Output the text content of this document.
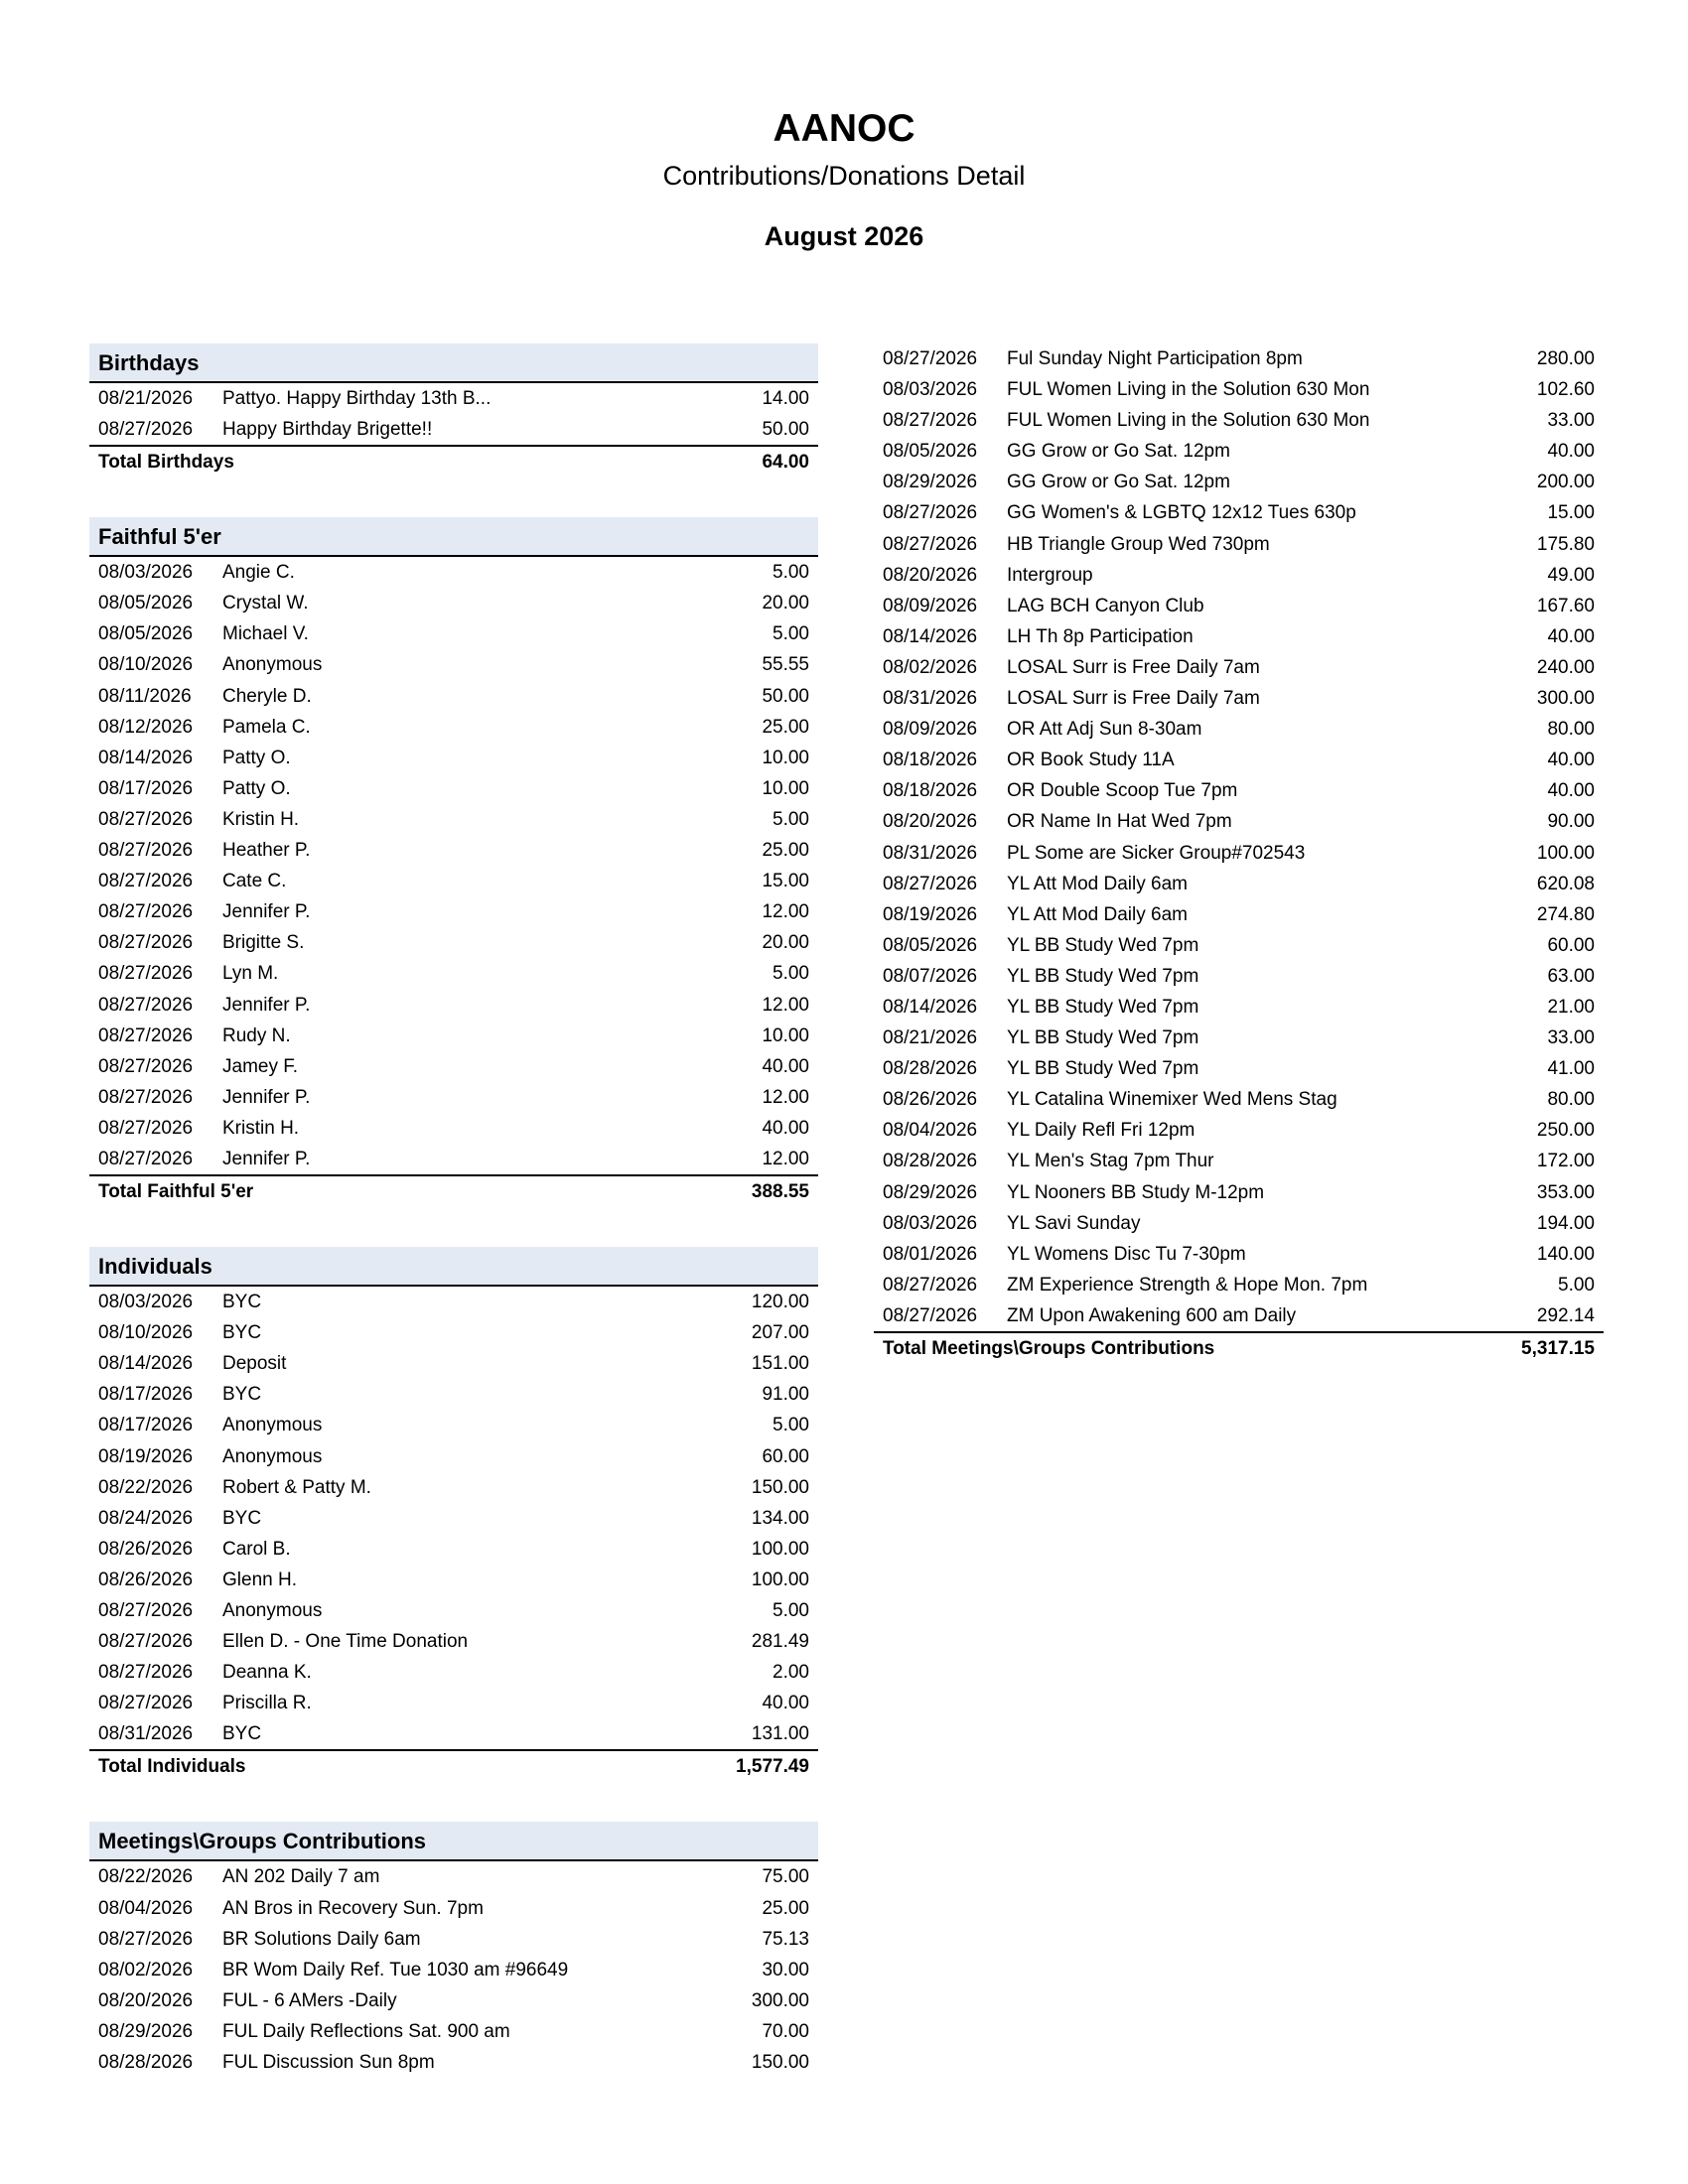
AANOC
Contributions/Donations Detail
August 2026
Birthdays
08/21/2026	Pattyo. Happy Birthday 13th B...	14.00
08/27/2026	Happy Birthday Brigette!!	50.00
Total Birthdays	64.00
Faithful 5'er
08/03/2026	Angie C.	5.00
08/05/2026	Crystal W.	20.00
08/05/2026	Michael V.	5.00
08/10/2026	Anonymous	55.55
08/11/2026	Cheryle D.	50.00
08/12/2026	Pamela C.	25.00
08/14/2026	Patty O.	10.00
08/17/2026	Patty O.	10.00
08/27/2026	Kristin H.	5.00
08/27/2026	Heather P.	25.00
08/27/2026	Cate C.	15.00
08/27/2026	Jennifer P.	12.00
08/27/2026	Brigitte S.	20.00
08/27/2026	Lyn M.	5.00
08/27/2026	Jennifer P.	12.00
08/27/2026	Rudy N.	10.00
08/27/2026	Jamey F.	40.00
08/27/2026	Jennifer P.	12.00
08/27/2026	Kristin H.	40.00
08/27/2026	Jennifer P.	12.00
Total Faithful 5'er	388.55
Individuals
08/03/2026	BYC	120.00
08/10/2026	BYC	207.00
08/14/2026	Deposit	151.00
08/17/2026	BYC	91.00
08/17/2026	Anonymous	5.00
08/19/2026	Anonymous	60.00
08/22/2026	Robert & Patty M.	150.00
08/24/2026	BYC	134.00
08/26/2026	Carol B.	100.00
08/26/2026	Glenn H.	100.00
08/27/2026	Anonymous	5.00
08/27/2026	Ellen D. - One Time Donation	281.49
08/27/2026	Deanna K.	2.00
08/27/2026	Priscilla R.	40.00
08/31/2026	BYC	131.00
Total Individuals	1,577.49
Meetings\Groups Contributions
08/22/2026	AN 202 Daily 7 am	75.00
08/04/2026	AN Bros in Recovery Sun. 7pm	25.00
08/27/2026	BR Solutions Daily 6am	75.13
08/02/2026	BR Wom Daily Ref. Tue 1030 am #96649	30.00
08/20/2026	FUL - 6 AMers -Daily	300.00
08/29/2026	FUL Daily Reflections Sat. 900 am	70.00
08/28/2026	FUL Discussion Sun 8pm	150.00
08/27/2026	Ful Sunday Night Participation 8pm	280.00
08/03/2026	FUL Women Living in the Solution 630 Mon	102.60
08/27/2026	FUL Women Living in the Solution 630 Mon	33.00
08/05/2026	GG Grow or Go Sat. 12pm	40.00
08/29/2026	GG Grow or Go Sat. 12pm	200.00
08/27/2026	GG Women's & LGBTQ 12x12 Tues 630p	15.00
08/27/2026	HB Triangle Group Wed 730pm	175.80
08/20/2026	Intergroup	49.00
08/09/2026	LAG BCH Canyon Club	167.60
08/14/2026	LH Th 8p Participation	40.00
08/02/2026	LOSAL Surr is Free Daily 7am	240.00
08/31/2026	LOSAL Surr is Free Daily 7am	300.00
08/09/2026	OR Att Adj Sun 8-30am	80.00
08/18/2026	OR Book Study 11A	40.00
08/18/2026	OR Double Scoop Tue 7pm	40.00
08/20/2026	OR Name In Hat Wed 7pm	90.00
08/31/2026	PL Some are Sicker Group#702543	100.00
08/27/2026	YL Att Mod Daily 6am	620.08
08/19/2026	YL Att Mod Daily 6am	274.80
08/05/2026	YL BB Study Wed 7pm	60.00
08/07/2026	YL BB Study Wed 7pm	63.00
08/14/2026	YL BB Study Wed 7pm	21.00
08/21/2026	YL BB Study Wed 7pm	33.00
08/28/2026	YL BB Study Wed 7pm	41.00
08/26/2026	YL Catalina Winemixer Wed Mens Stag	80.00
08/04/2026	YL Daily Refl Fri 12pm	250.00
08/28/2026	YL Men's Stag 7pm Thur	172.00
08/29/2026	YL Nooners BB Study M-12pm	353.00
08/03/2026	YL Savi Sunday	194.00
08/01/2026	YL Womens Disc Tu 7-30pm	140.00
08/27/2026	ZM Experience Strength & Hope Mon. 7pm	5.00
08/27/2026	ZM Upon Awakening 600 am Daily	292.14
Total Meetings\Groups Contributions	5,317.15
